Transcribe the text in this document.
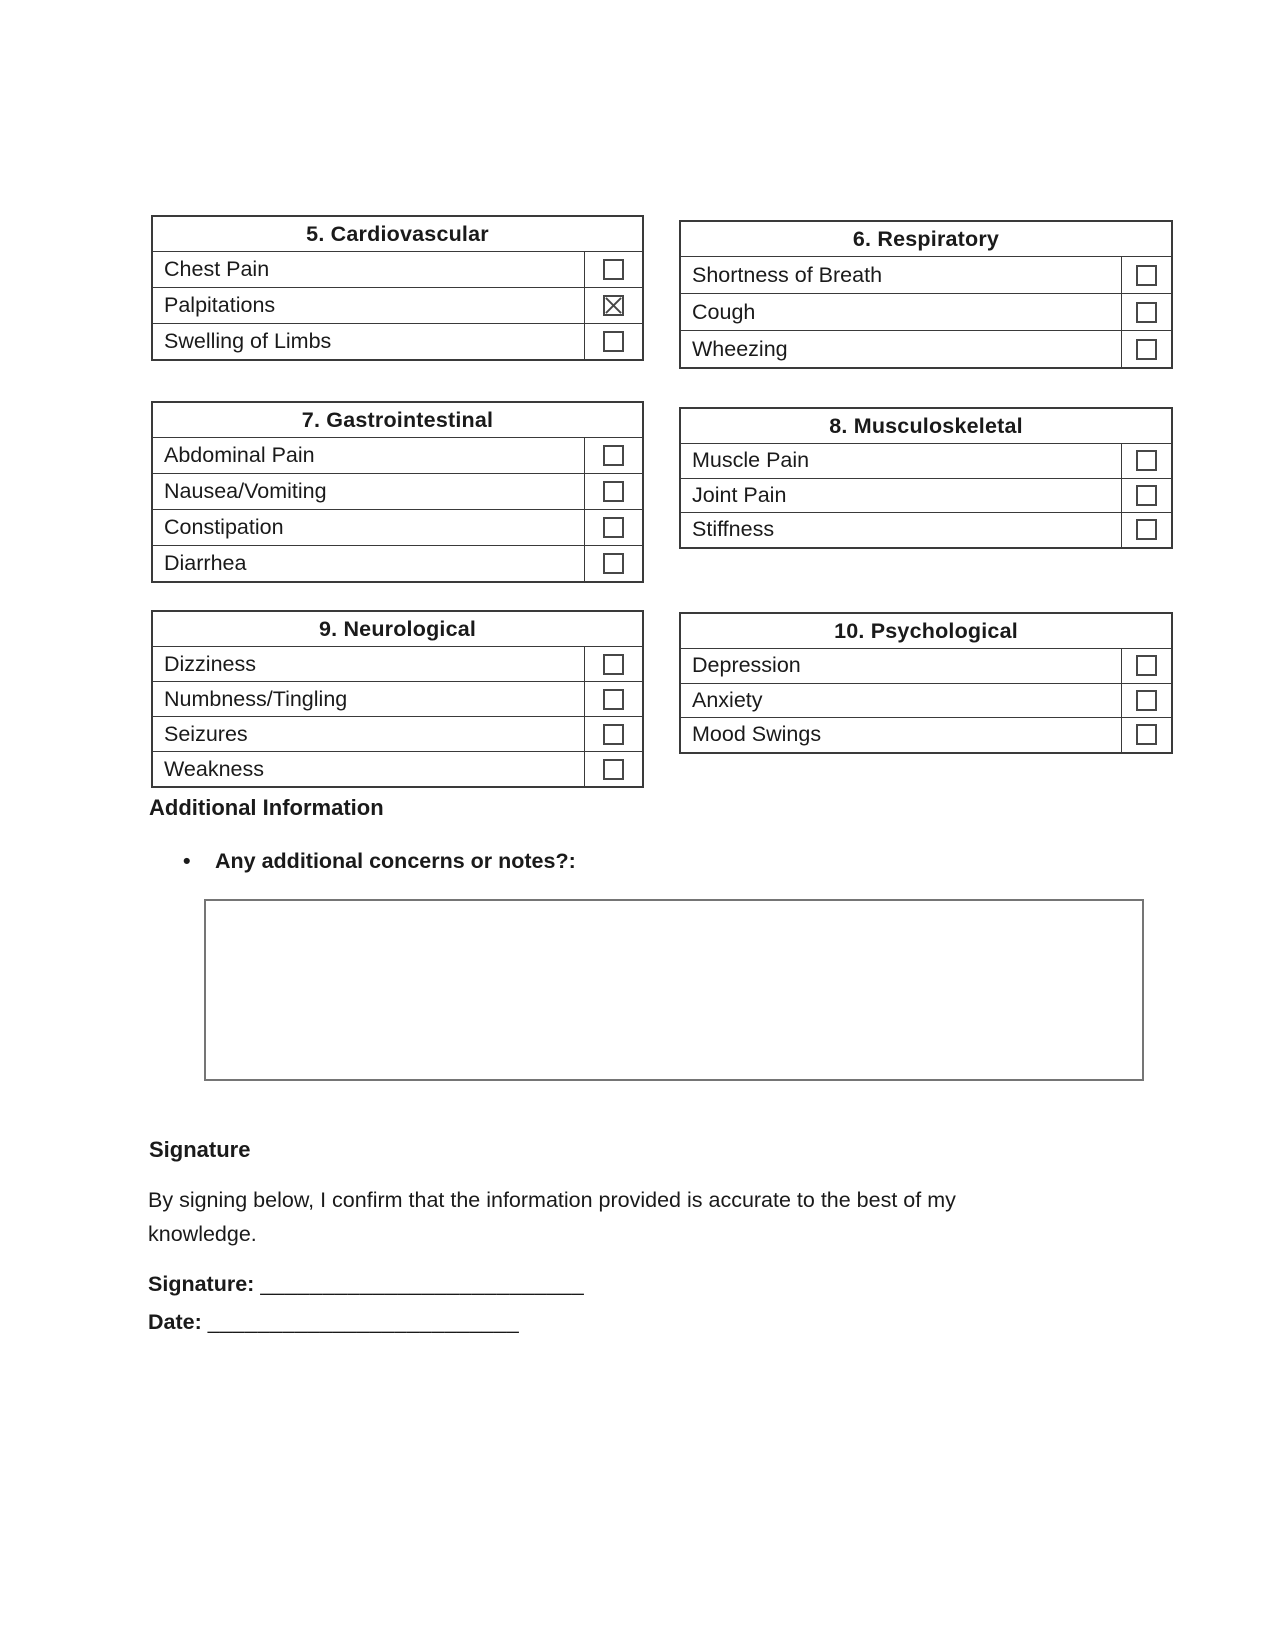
5. Cardiovascular
Chest Pain
Palpitations
Swelling of Limbs
6. Respiratory
Shortness of Breath
Cough
Wheezing
7. Gastrointestinal
Abdominal Pain
Nausea/Vomiting
Constipation
Diarrhea
8. Musculoskeletal
Muscle Pain
Joint Pain
Stiffness
9. Neurological
Dizziness
Numbness/Tingling
Seizures
Weakness
10. Psychological
Depression
Anxiety
Mood Swings
Additional Information
•	Any additional concerns or notes?:
Signature

By signing below, I confirm that the information provided is accurate to the best of my knowledge.

Signature: __________________________

Date: _________________________
